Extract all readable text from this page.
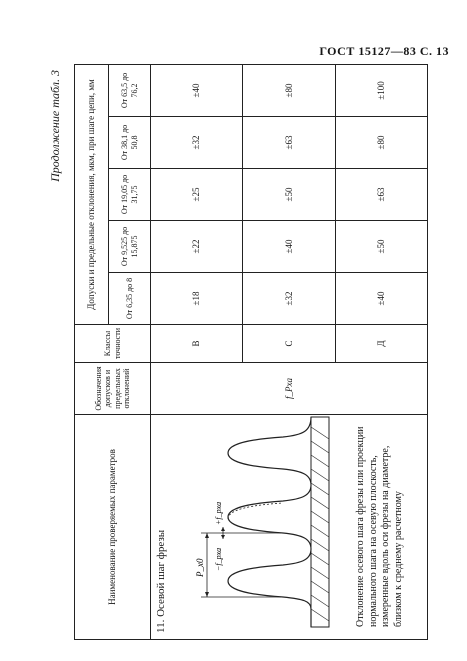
ГОСТ 15127—83 С. 13
Продолжение табл. 3
Наименование проверяемых параметров	Обозначения допусков и предельных отклонений	Классы точности	Допуски и предельные отклонения, мкм, при шаге цепи, мм				
			От 6,35 до 8	От 9,525 до 15,875	От 19,05 до 31,75	От 38,1 до 50,8	От 63,5 до 76,2

11. Осевой шаг фрезы P_x0 −f_pxa
+f_pxa Отклонение осевого шага фрезы или проекции нормального шага на осевую плоскость, измеренные вдоль оси фрезы на диаметре, близком к среднему расчетному	f_Pxa	В	±18	±22	±25	±32	±40
		С	±32	±40	±50	±63	±80
		Д	±40	±50	±63	±80	±100
